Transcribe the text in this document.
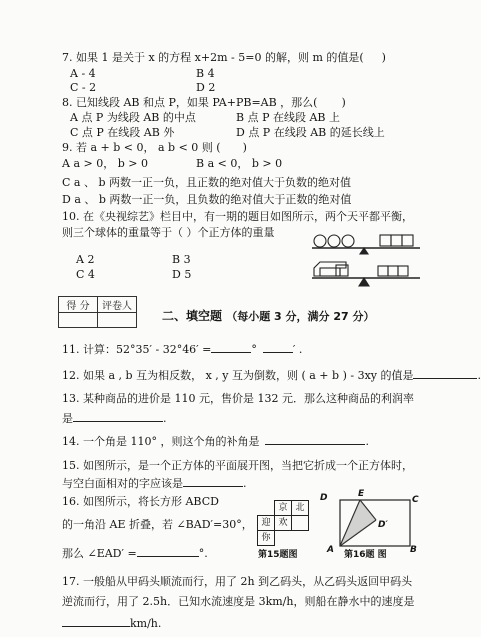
7. 如果 1 是关于 x 的方程 x+2m - 5=0 的解，则 m 的值是( )
A - 4	B 4
C - 2	D 2
8. 已知线段 AB 和点 P，如果 PA+PB=AB ，那么( )
A 点 P 为线段 AB 的中点	B 点 P 在线段 AB 上
C 点 P 在线段 AB 外	D 点 P 在线段 AB 的延长线上
9. 若 a + b < 0， a b < 0 则 ( )
A a > 0， b > 0	B a < 0， b > 0
C a 、 b 两数一正一负，且正数的绝对值大于负数的绝对值
D a 、 b 两数一正一负，且负数的绝对值大于正数的绝对值
10. 在《央视综艺》栏目中，有一期的题目如图所示，两个天平都平衡，
则三个球体的重量等于（ ）个正方体的重量
A 2	B 3
C 4	D 5
得 分	评卷人

二、填空题 （每小题 3 分，满分 27 分）
11. 计算：52°35′ - 32°46′ =	°	′ .
12. 如果 a , b 互为相反数， x , y 互为倒数，则 ( a + b ) - 3xy 的值是	.
13. 某种商品的进价是 110 元，售价是 132 元．那么这种商品的利润率
是	.
14. 一个角是 110° ，则这个角的补角是	.
15. 如图所示，是一个正方体的平面展开图，当把它折成一个正方体时，
与空白面相对的字应该是	.
16. 如图所示，将长方形 ABCD
的一角沿 AE 折叠，若 ∠BAD′=30°，
那么 ∠EAD′ =	°.
京 北
迎 欢
你
第15题图
D	E
C
D′
A	B
第16题 图
17. 一般船从甲码头顺流而行，用了 2h 到乙码头，从乙码头返回甲码头
逆流而行，用了 2.5h．已知水流速度是 3km/h，则船在静水中的速度是
km/h.
